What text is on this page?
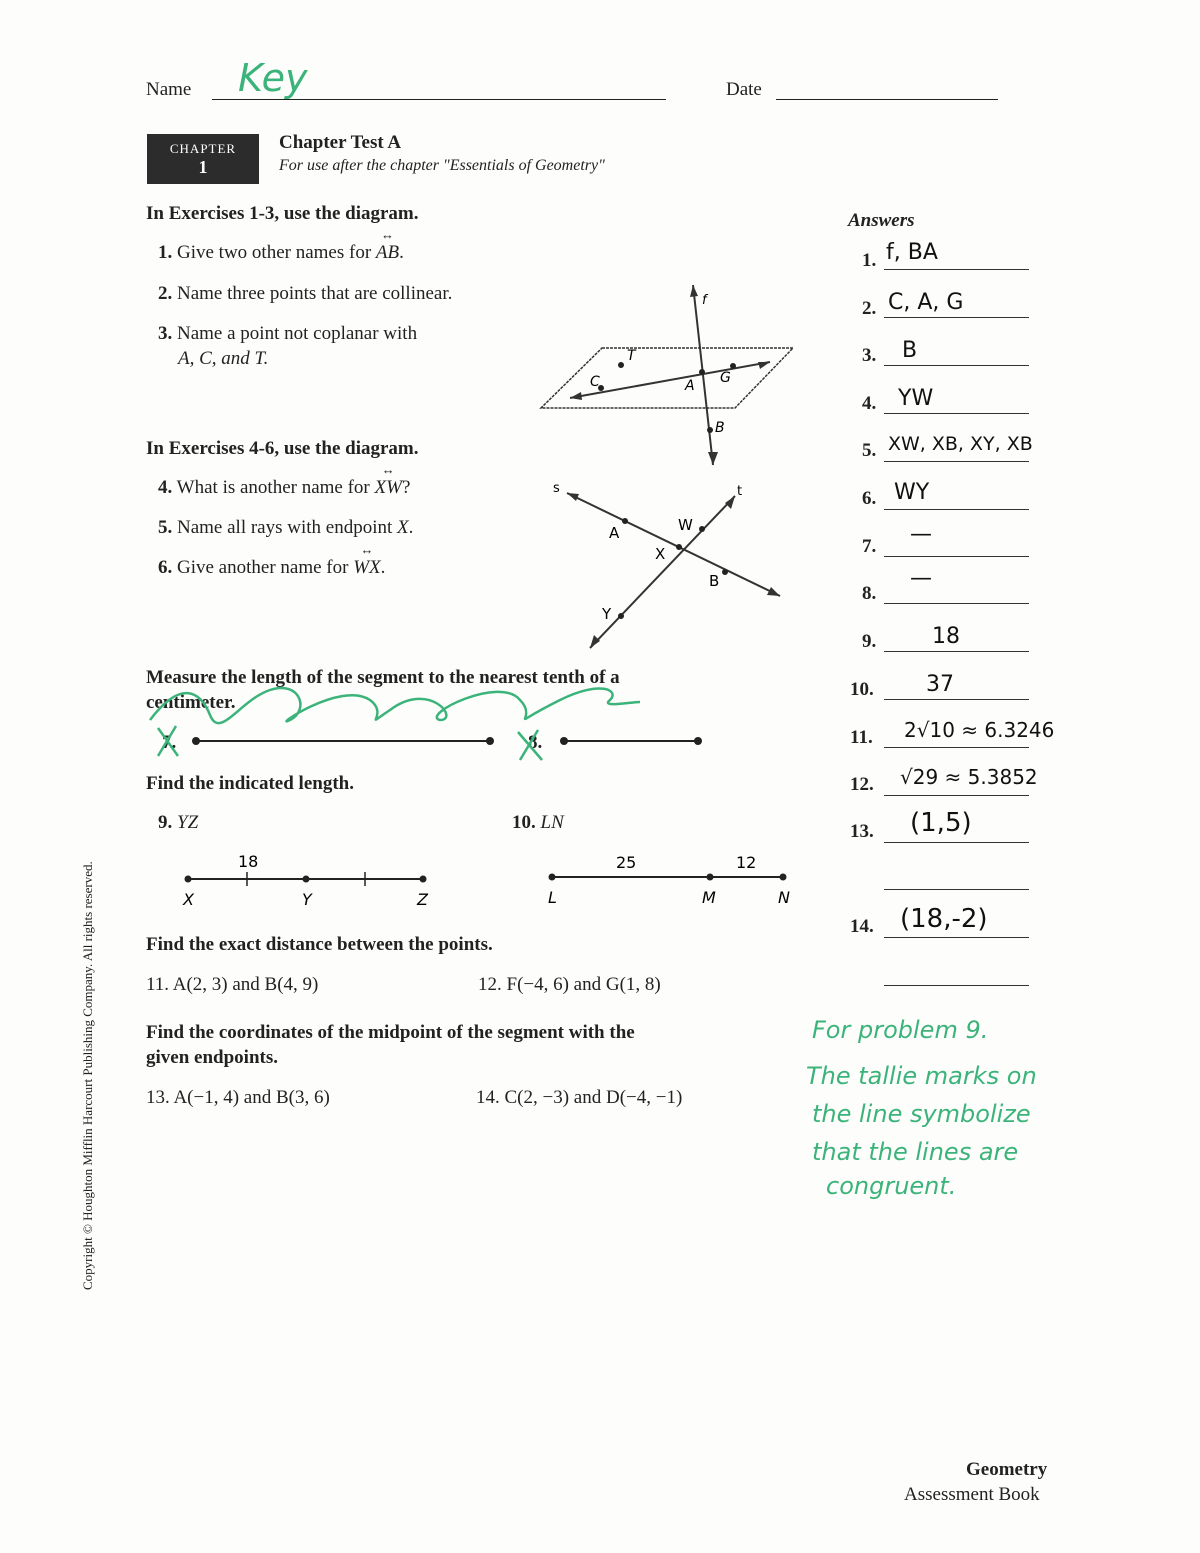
Name Key	Date
CHAPTER
1
Chapter Test A
For use after the chapter "Essentials of Geometry"
In Exercises 1-3, use the diagram.
1. Give two other names for ↔ AB.
2. Name three points that are collinear.
3. Name a point not coplanar with
A, C, and T.
f
T
C	A G
B
In Exercises 4-6, use the diagram.
4. What is another name for ↔ XW?
5. Name all rays with endpoint X.
6. Give another name for ↔ WX.
s	t
A	W
X
B
Y
Measure the length of the segment to the nearest tenth of a
centimeter.
7.	8.
Find the indicated length.
9. YZ	10. LN
18
X	Y	Z
25	12
L	M	N
Find the exact distance between the points.
11. A(2, 3) and B(4, 9)	12. F(−4, 6) and G(1, 8)
Find the coordinates of the midpoint of the segment with the
given endpoints.
13. A(−1, 4) and B(3, 6)	14. C(2, −3) and D(−4, −1)
Answers
1. f, BA
2. C, A, G
3. B
4. YW
5. XW, XB, XY, XB
6. WY
7. —
8.
—
9.	18
10. 37
11. 2√10 ≈ 6.3246
12. √29 ≈ 5.3852
13. (1,5)
14. (18,-2)
For problem 9.
The tallie marks on
the line symbolize
that the lines are
congruent.
Copyright © Houghton Mifflin Harcourt Publishing Company. All rights reserved.
Geometry
Assessment Book
